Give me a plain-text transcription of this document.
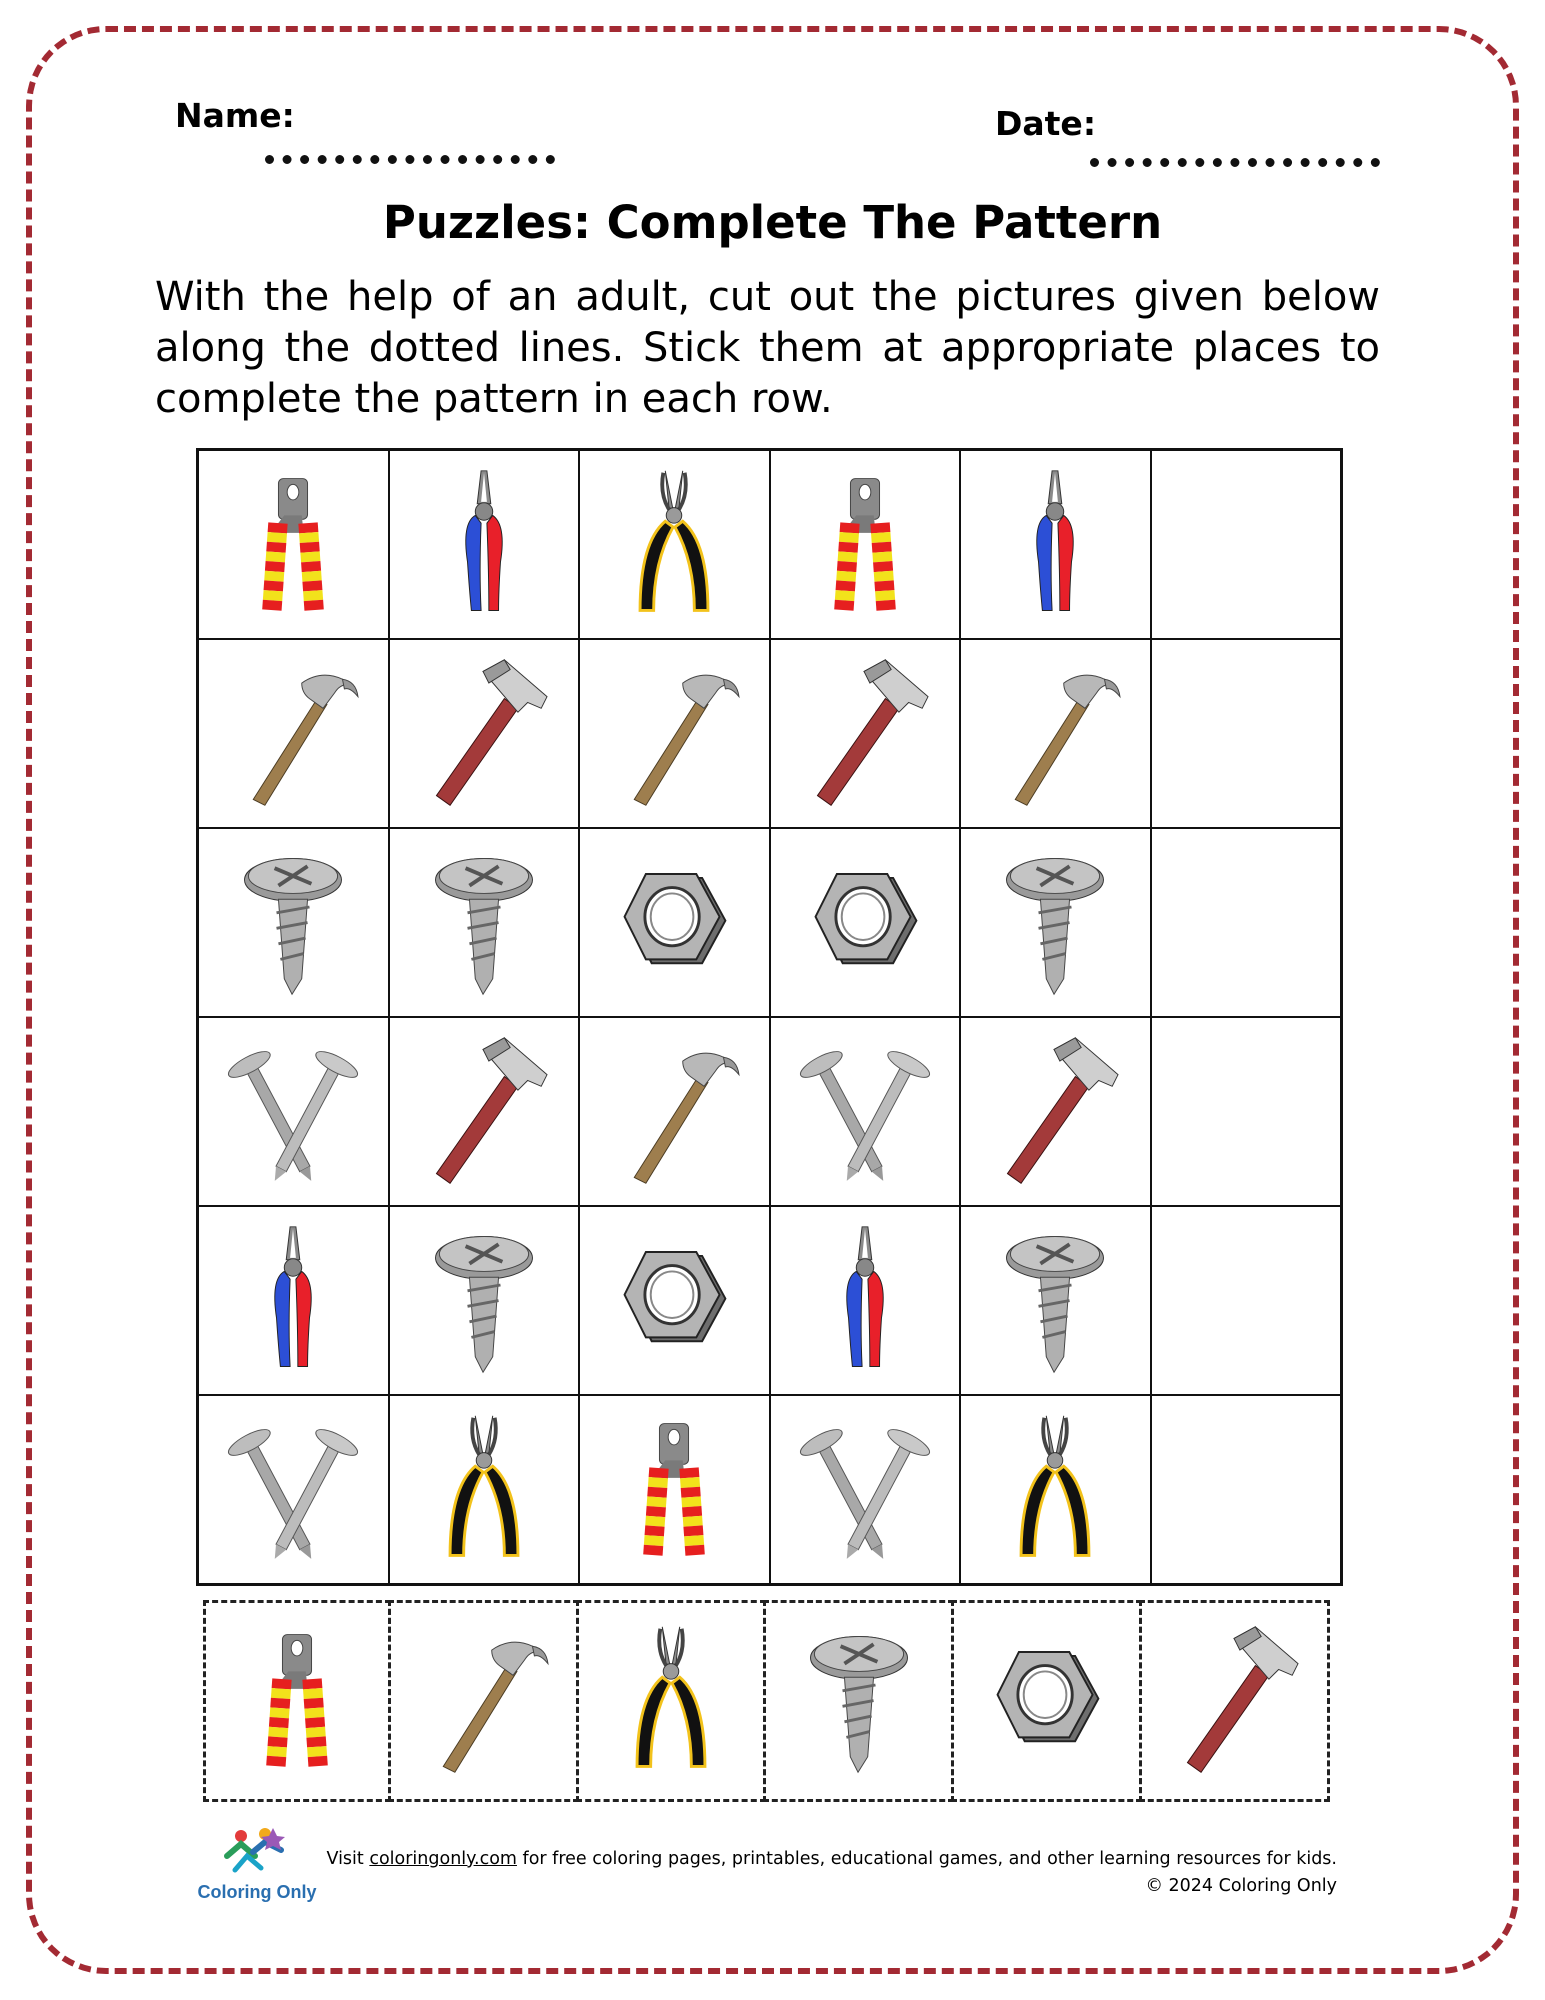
Name:	Date:
Puzzles: Complete The Pattern
With the help of an adult, cut out the pictures given below along the dotted lines. Stick them at appropriate places to complete the pattern in each row.
Coloring Only
Visit coloringonly.com for free coloring pages, printables, educational games, and other learning resources for kids.
© 2024 Coloring Only
